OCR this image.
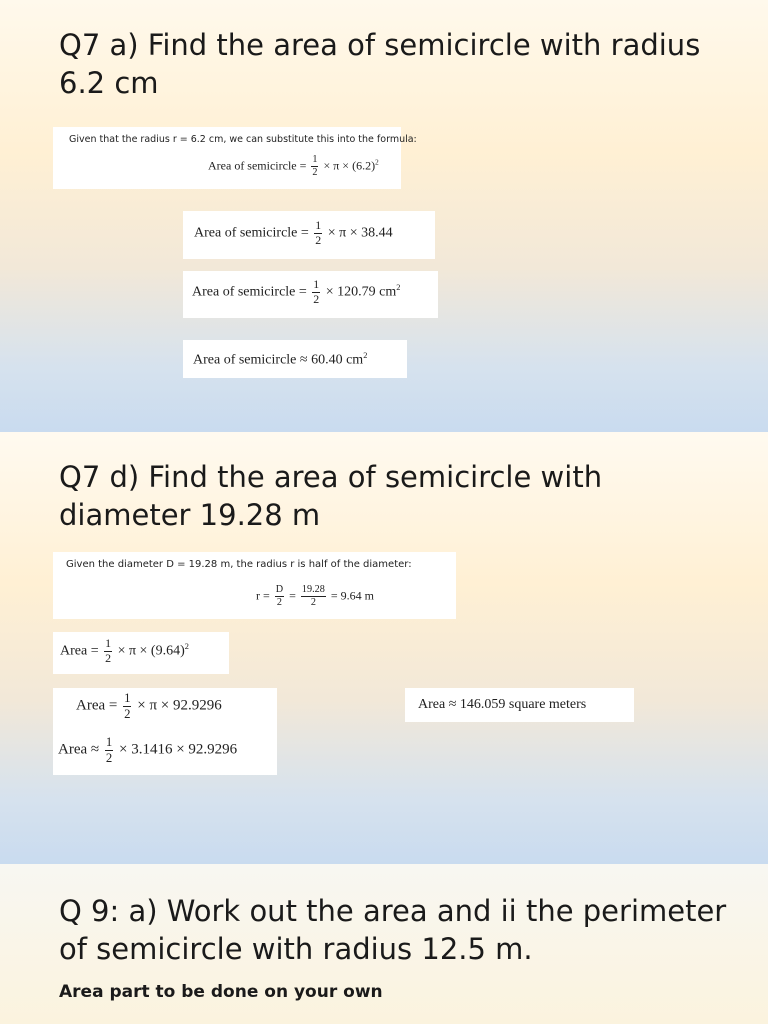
Q7 a) Find the area of semicircle with radius 6.2 cm
Given that the radius r = 6.2 cm, we can substitute this into the formula:
Area of semicircle = $\frac{1}{2} \times \pi \times (6.2)^2$
Area of semicircle = $\frac{1}{2} \times \pi \times 38.44$
Area of semicircle = $\frac{1}{2} \times 120.79$ $cm^2$
Area of semicircle ≈ 60.40 $cm^2$
Q7 d) Find the area of semicircle with diameter 19.28 m
Given the diameter D = 19.28 m, the radius r is half of the diameter:
$r = \frac{D}{2} = \frac{19.28}{2} = 9.64$ m
Area = $\frac{1}{2} \times \pi \times (9.64)^2$
Area = $\frac{1}{2} \times \pi \times 92.9296$
Area ≈ $\frac{1}{2} \times 3.1416 \times 92.9296$
Area ≈ 146.059 square meters
Q 9: a) Work out the area and ii the perimeter of semicircle with radius 12.5 m.
Area part to be done on your own
